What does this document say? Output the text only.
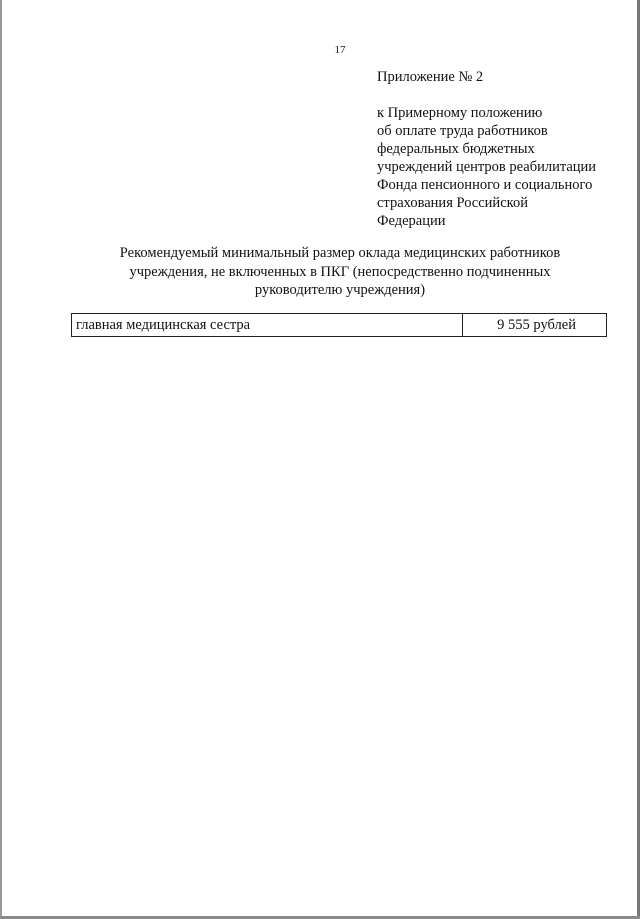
17
Приложение № 2
к Примерному положению
об оплате труда работников
федеральных бюджетных
учреждений центров реабилитации
Фонда пенсионного и социального
страхования Российской
Федерации
Рекомендуемый минимальный размер оклада медицинских работников
учреждения, не включенных в ПКГ (непосредственно подчиненных
руководителю учреждения)
главная медицинская сестра	9 555 рублей
